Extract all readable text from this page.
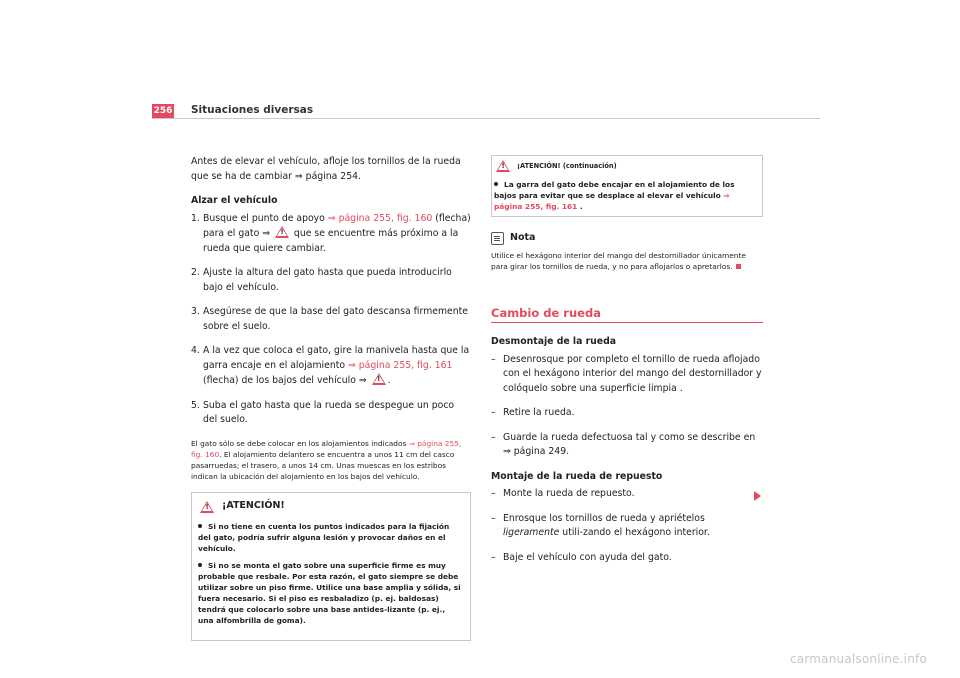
256 Situaciones diversas
Antes de elevar el vehículo, afloje los tornillos de la rueda que se ha de cambiar ⇒ página 254.
Alzar el vehículo
1. Busque el punto de apoyo ⇒ página 255, fig. 160 (flecha) para el gato ⇒ ! que se encuentre más próximo a la rueda que quiere cambiar.
2. Ajuste la altura del gato hasta que pueda introducirlo bajo el vehículo.
3. Asegúrese de que la base del gato descansa firmemente sobre el suelo.
4. A la vez que coloca el gato, gire la manivela hasta que la garra encaje en el alojamiento ⇒ página 255, fig. 161 (flecha) de los bajos del vehículo ⇒ !.
5. Suba el gato hasta que la rueda se despegue un poco del suelo.
El gato sólo se debe colocar en los alojamientos indicados ⇒ página 255, fig. 160. El alojamiento delantero se encuentra a unos 11 cm del casco pasarruedas; el trasero, a unos 14 cm. Unas muescas en los estribos indican la ubicación del alojamiento en los bajos del vehículo.
!
¡ATENCIÓN!
Si no tiene en cuenta los puntos indicados para la fijación del gato, podría sufrir alguna lesión y provocar daños en el vehículo.
Si no se monta el gato sobre una superficie firme es muy probable que resbale. Por esta razón, el gato siempre se debe utilizar sobre un piso firme. Utilice una base amplia y sólida, si fuera necesario. Si el piso es resbaladizo (p. ej. baldosas) tendrá que colocarlo sobre una base antides-lizante (p. ej., una alfombrilla de goma).
!
¡ATENCIÓN! (continuación)
La garra del gato debe encajar en el alojamiento de los bajos para evitar que se desplace al elevar el vehículo ⇒ página 255, fig. 161 .
Nota
Utilice el hexágono interior del mango del destornillador únicamente para girar los tornillos de rueda, y no para aflojarlos o apretarlos.
Cambio de rueda
Desmontaje de la rueda
– Desenrosque por completo el tornillo de rueda aflojado con el hexágono interior del mango del destornillador y colóquelo sobre una superficie limpia .
– Retire la rueda.
– Guarde la rueda defectuosa tal y como se describe en ⇒ página 249.
Montaje de la rueda de repuesto
– Monte la rueda de repuesto.
– Enrosque los tornillos de rueda y apriételos ligeramente utili-zando el hexágono interior.
– Baje el vehículo con ayuda del gato.
carmanualsonline.info
